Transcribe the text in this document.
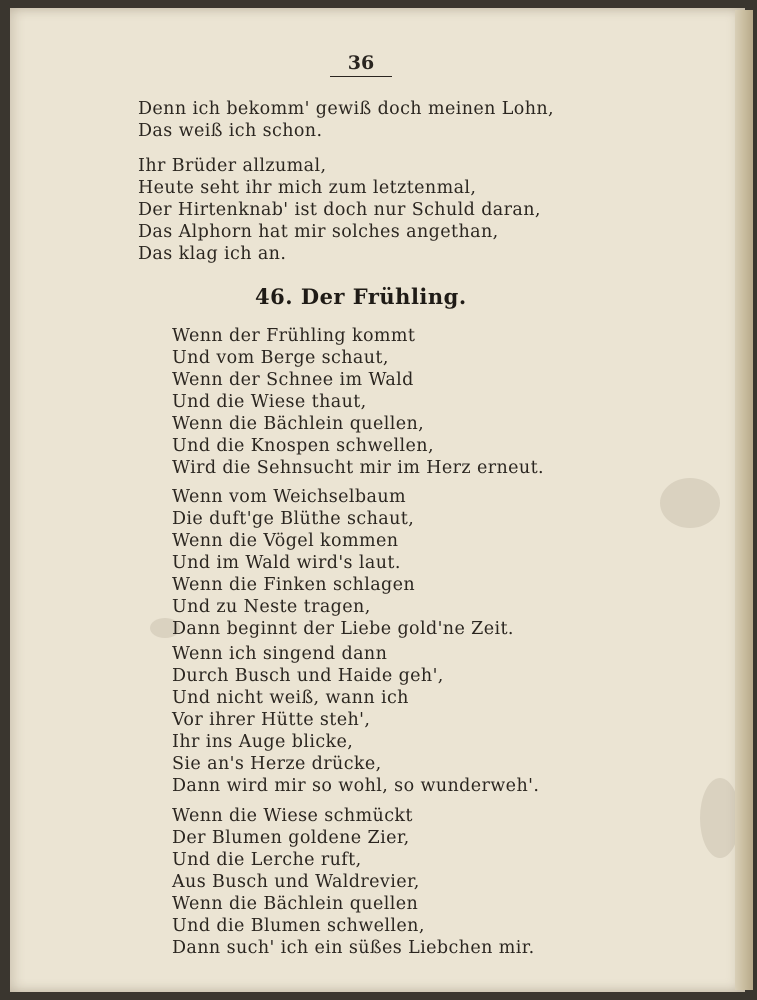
36
Denn ich bekomm' gewiß doch meinen Lohn,
Das weiß ich schon.
Ihr Brüder allzumal,
Heute seht ihr mich zum letztenmal,
Der Hirtenknab' ist doch nur Schuld daran,
Das Alphorn hat mir solches angethan,
Das klag ich an.
46. Der Frühling.
Wenn der Frühling kommt
Und vom Berge schaut,
Wenn der Schnee im Wald
Und die Wiese thaut,
Wenn die Bächlein quellen,
Und die Knospen schwellen,
Wird die Sehnsucht mir im Herz erneut.
Wenn vom Weichselbaum
Die duft'ge Blüthe schaut,
Wenn die Vögel kommen
Und im Wald wird's laut.
Wenn die Finken schlagen
Und zu Neste tragen,
Dann beginnt der Liebe gold'ne Zeit.
Wenn ich singend dann
Durch Busch und Haide geh',
Und nicht weiß, wann ich
Vor ihrer Hütte steh',
Ihr ins Auge blicke,
Sie an's Herze drücke,
Dann wird mir so wohl, so wunderweh'.
Wenn die Wiese schmückt
Der Blumen goldene Zier,
Und die Lerche ruft,
Aus Busch und Waldrevier,
Wenn die Bächlein quellen
Und die Blumen schwellen,
Dann such' ich ein süßes Liebchen mir.
